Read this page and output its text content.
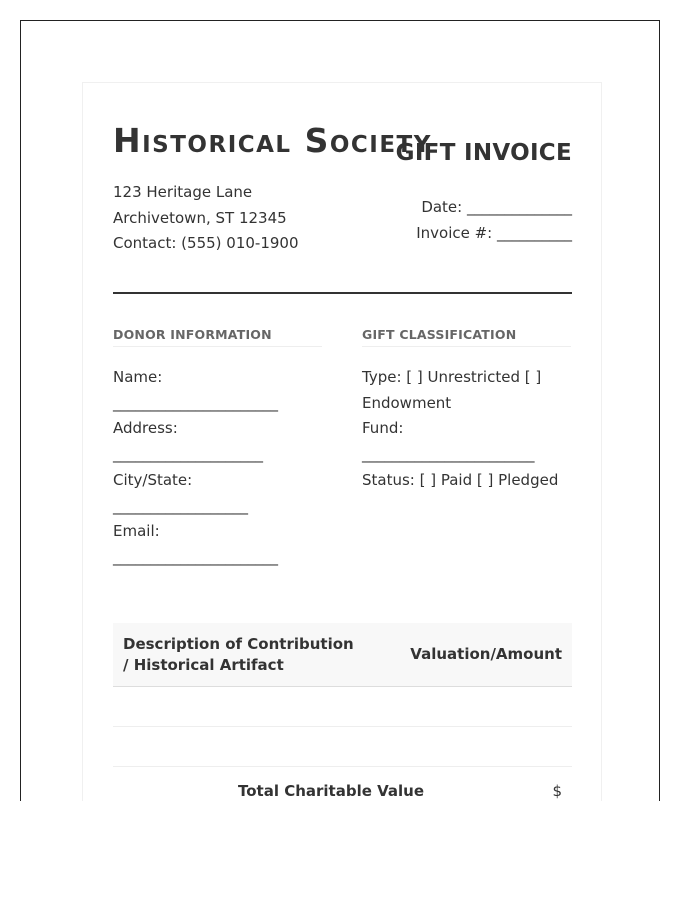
Historical Society
123 Heritage Lane
Archivetown, ST 12345
Contact: (555) 010-1900
GIFT INVOICE
Date: ______________
Invoice #: __________
DONOR INFORMATION
Name:
______________________
Address:
____________________
City/State:
__________________
Email:
______________________
GIFT CLASSIFICATION
Type: [ ] Unrestricted [ ] Endowment
Fund:
_______________________
Status: [ ] Paid [ ] Pledged
Description of Contribution / Historical Artifact
Valuation/Amount
Total Charitable Value	$
